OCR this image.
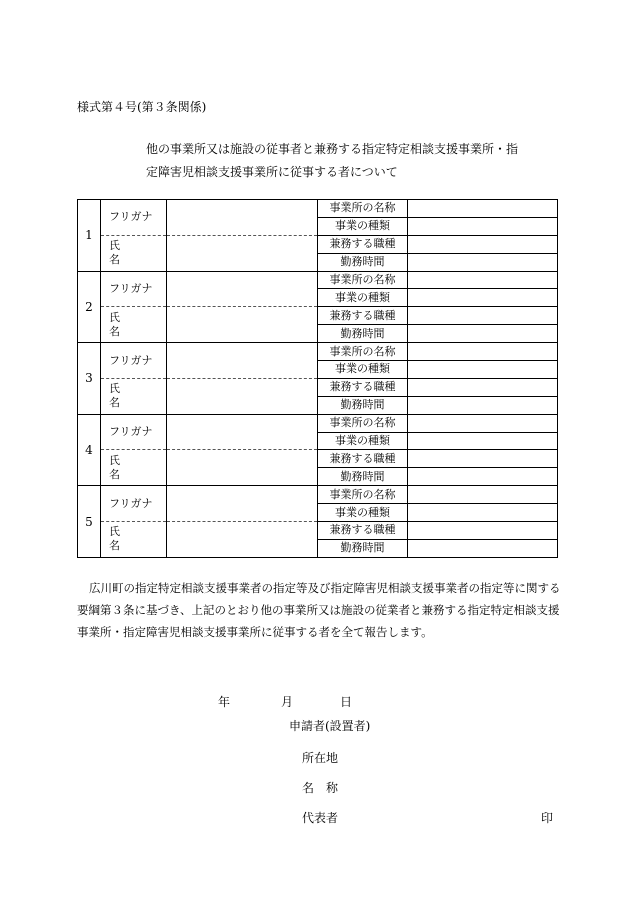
様式第４号(第３条関係)
他の事業所又は施設の従事者と兼務する指定特定相談支援事業所・指
定障害児相談支援事業所に従事する者について
1	フリガナ		事業所の名称	
			事業の種類	
	氏名		兼務する職種	
			勤務時間	
2	フリガナ		事業所の名称	
			事業の種類	
	氏名		兼務する職種	
			勤務時間	
3	フリガナ		事業所の名称	
			事業の種類	
	氏名		兼務する職種	
			勤務時間	
4	フリガナ		事業所の名称	
			事業の種類	
	氏名		兼務する職種	
			勤務時間	
5	フリガナ		事業所の名称	
			事業の種類	
	氏名		兼務する職種	
			勤務時間	
広川町の指定特定相談支援事業者の指定等及び指定障害児相談支援事業者の指定等に関する要綱第３条に基づき、上記のとおり他の事業所又は施設の従業者と兼務する指定特定相談支援事業所・指定障害児相談支援事業所に従事する者を全て報告します。
年	月	日
申請者(設置者)
所在地
名　称
代表者	印
